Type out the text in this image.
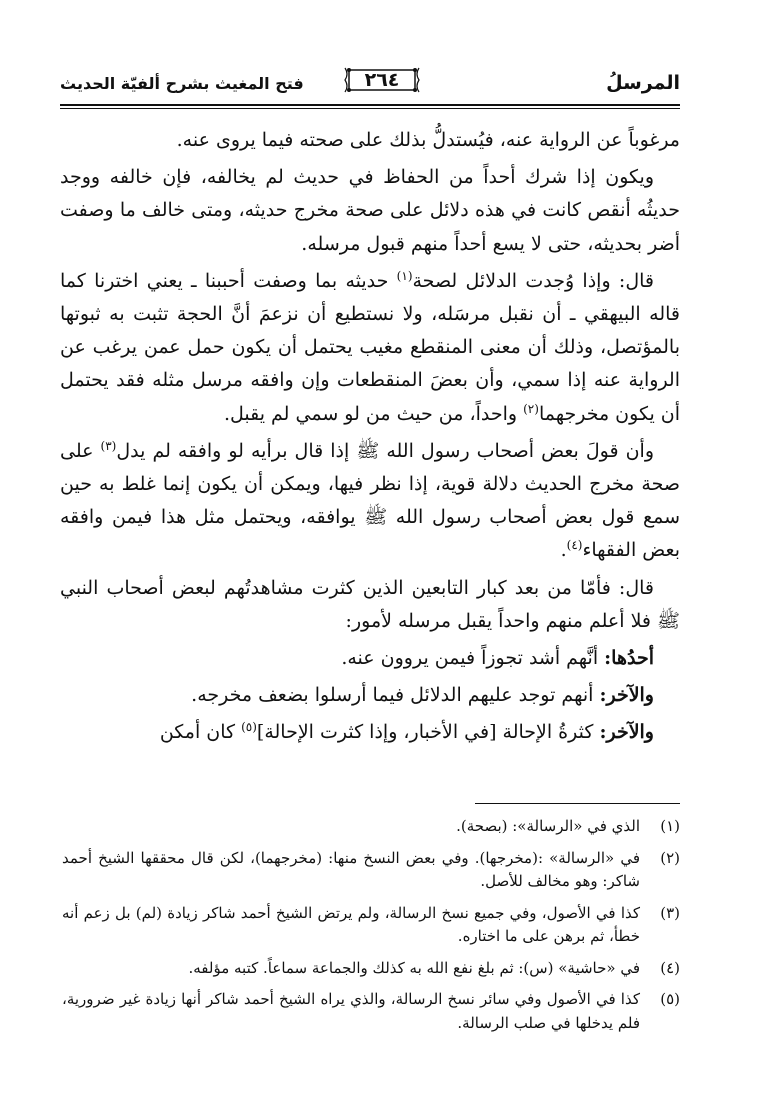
المرسلُ
٢٦٤
فتح المغيث بشرح ألفيّة الحديث

مرغوباً عن الرواية عنه، فيُستدلُّ بذلك على صحته فيما يروى عنه.

ويكون إذا شرك أحداً من الحفاظ في حديث لم يخالفه، فإن خالفه ووجد حديثُه أنقص كانت في هذه دلائل على صحة مخرج حديثه، ومتى خالف ما وصفت أضر بحديثه، حتى لا يسع أحداً منهم قبول مرسله.

قال: وإذا وُجدت الدلائل لصحة$^{(١)}$ حديثه بما وصفت أحببنا ـ يعني اخترنا كما قاله البيهقي ـ أن نقبل مرسَله، ولا نستطيع أن نزعمَ أنَّ الحجة تثبت به ثبوتها بالمؤتصل، وذلك أن معنى المنقطع مغيب يحتمل أن يكون حمل عمن يرغب عن الرواية عنه إذا سمي، وأن بعضَ المنقطعات وإن وافقه مرسل مثله فقد يحتمل أن يكون مخرجهما$^{(٢)}$ واحداً، من حيث من لو سمي لم يقبل.

وأن قولَ بعض أصحاب رسول الله ﷺ إذا قال برأيه لو وافقه لم يدل$^{(٣)}$ على صحة مخرج الحديث دلالة قوية، إذا نظر فيها، ويمكن أن يكون إنما غلط به حين سمع قول بعض أصحاب رسول الله ﷺ يوافقه، ويحتمل مثل هذا فيمن وافقه بعض الفقهاء$^{(٤)}$.

قال: فأمّا من بعد كبار التابعين الذين كثرت مشاهدتُهم لبعض أصحاب النبي ﷺ فلا أعلم منهم واحداً يقبل مرسله لأمور:

أحدُها: أنَّهم أشد تجوزاً فيمن يروون عنه.

والآخر: أنهم توجد عليهم الدلائل فيما أرسلوا بضعف مخرجه.

والآخر: كثرةُ الإحالة [في الأخبار، وإذا كثرت الإحالة]$^{(٥)}$ كان أمكن

(١)
الذي في «الرسالة»: (بصحة).
(٢)
في «الرسالة» :(مخرجها). وفي بعض النسخ منها: (مخرجهما)، لكن قال محققها الشيخ أحمد شاكر: وهو مخالف للأصل.
(٣)
كذا في الأصول، وفي جميع نسخ الرسالة، ولم يرتض الشيخ أحمد شاكر زيادة (لم) بل زعم أنه خطأ، ثم برهن على ما اختاره.
(٤)
في «حاشية» (س): ثم بلغ نفع الله به كذلك والجماعة سماعاً. كتبه مؤلفه.
(٥)
كذا في الأصول وفي سائر نسخ الرسالة، والذي يراه الشيخ أحمد شاكر أنها زيادة غير ضرورية، فلم يدخلها في صلب الرسالة.
